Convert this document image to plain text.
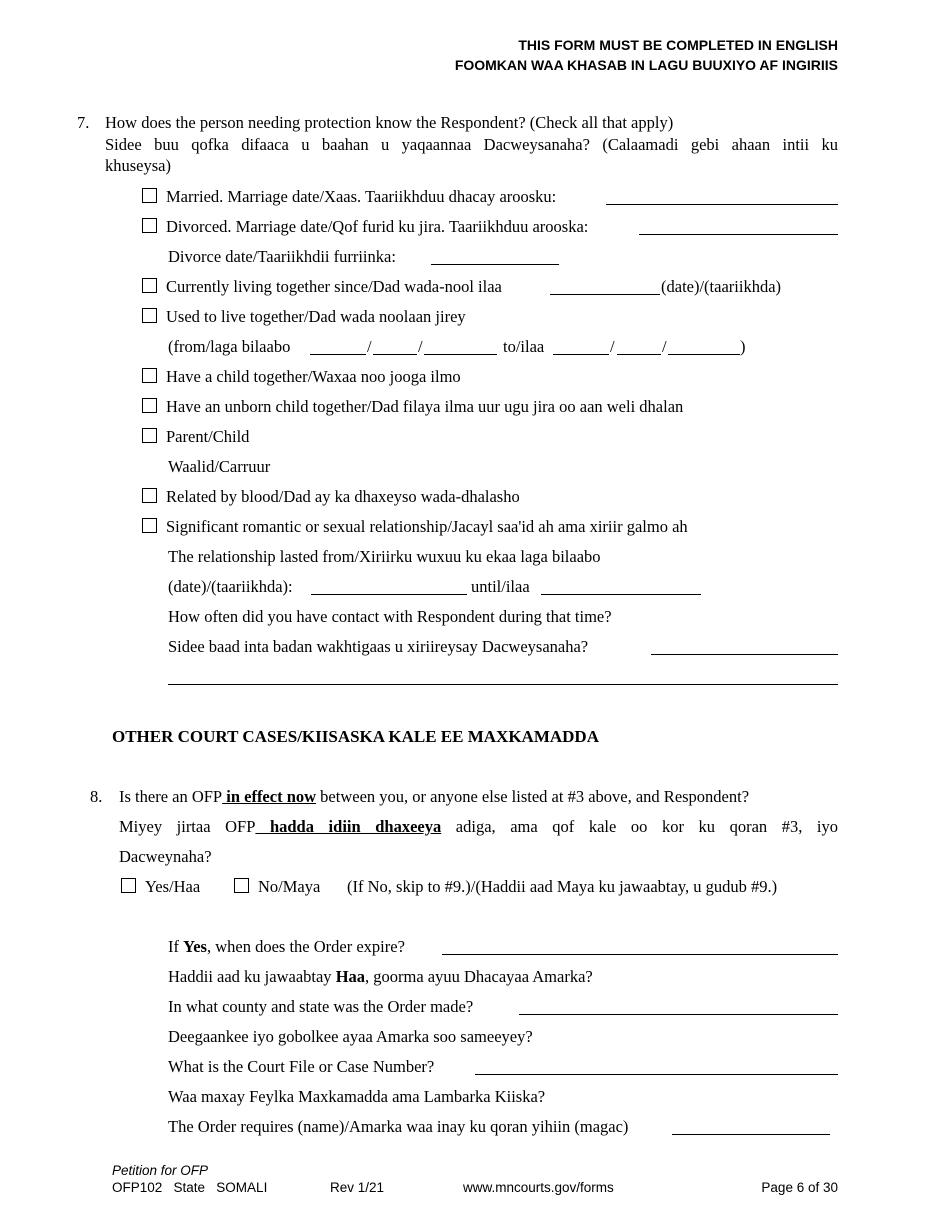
THIS FORM MUST BE COMPLETED IN ENGLISH
FOOMKAN WAA KHASAB IN LAGU BUUXIYO AF INGIRIIS
7. How does the person needing protection know the Respondent? (Check all that apply)
Sidee buu qofka difaaca u baahan u yaqaannaa Dacweysanaha? (Calaamadi gebi ahaan intii ku
khuseysa)
Married. Marriage date/Xaas. Taariikhduu dhacay aroosku:
Divorced. Marriage date/Qof furid ku jira. Taariikhduu arooska:
Divorce date/Taariikhdii furriinka:
Currently living together since/Dad wada-nool ilaa	(date)/(taariikhda)
Used to live together/Dad wada noolaan jirey
(from/laga bilaabo	/	/	to/ilaa	/	/	)
Have a child together/Waxaa noo jooga ilmo
Have an unborn child together/Dad filaya ilma uur ugu jira oo aan weli dhalan
Parent/Child
Waalid/Carruur
Related by blood/Dad ay ka dhaxeyso wada-dhalasho
Significant romantic or sexual relationship/Jacayl saa'id ah ama xiriir galmo ah
The relationship lasted from/Xiriirku wuxuu ku ekaa laga bilaabo
(date)/(taariikhda):	until/ilaa
How often did you have contact with Respondent during that time?
Sidee baad inta badan wakhtigaas u xiriireysay Dacweysanaha?
OTHER COURT CASES/KIISASKA KALE EE MAXKAMADDA
8. Is there an OFP in effect now between you, or anyone else listed at #3 above, and Respondent?
Miyey jirtaa OFP hadda idiin dhaxeeya adiga, ama qof kale oo kor ku qoran #3, iyo
Dacweynaha?
Yes/Haa	No/Maya (If No, skip to #9.)/(Haddii aad Maya ku jawaabtay, u gudub #9.)
If Yes, when does the Order expire?
Haddii aad ku jawaabtay Haa, goorma ayuu Dhacayaa Amarka?
In what county and state was the Order made?
Deegaankee iyo gobolkee ayaa Amarka soo sameeyey?
What is the Court File or Case Number?
Waa maxay Feylka Maxkamadda ama Lambarka Kiiska?
The Order requires (name)/Amarka waa inay ku qoran yihiin (magac)
Petition for OFP
OFP102   State   SOMALI	Rev 1/21	www.mncourts.gov/forms	Page 6 of 30
